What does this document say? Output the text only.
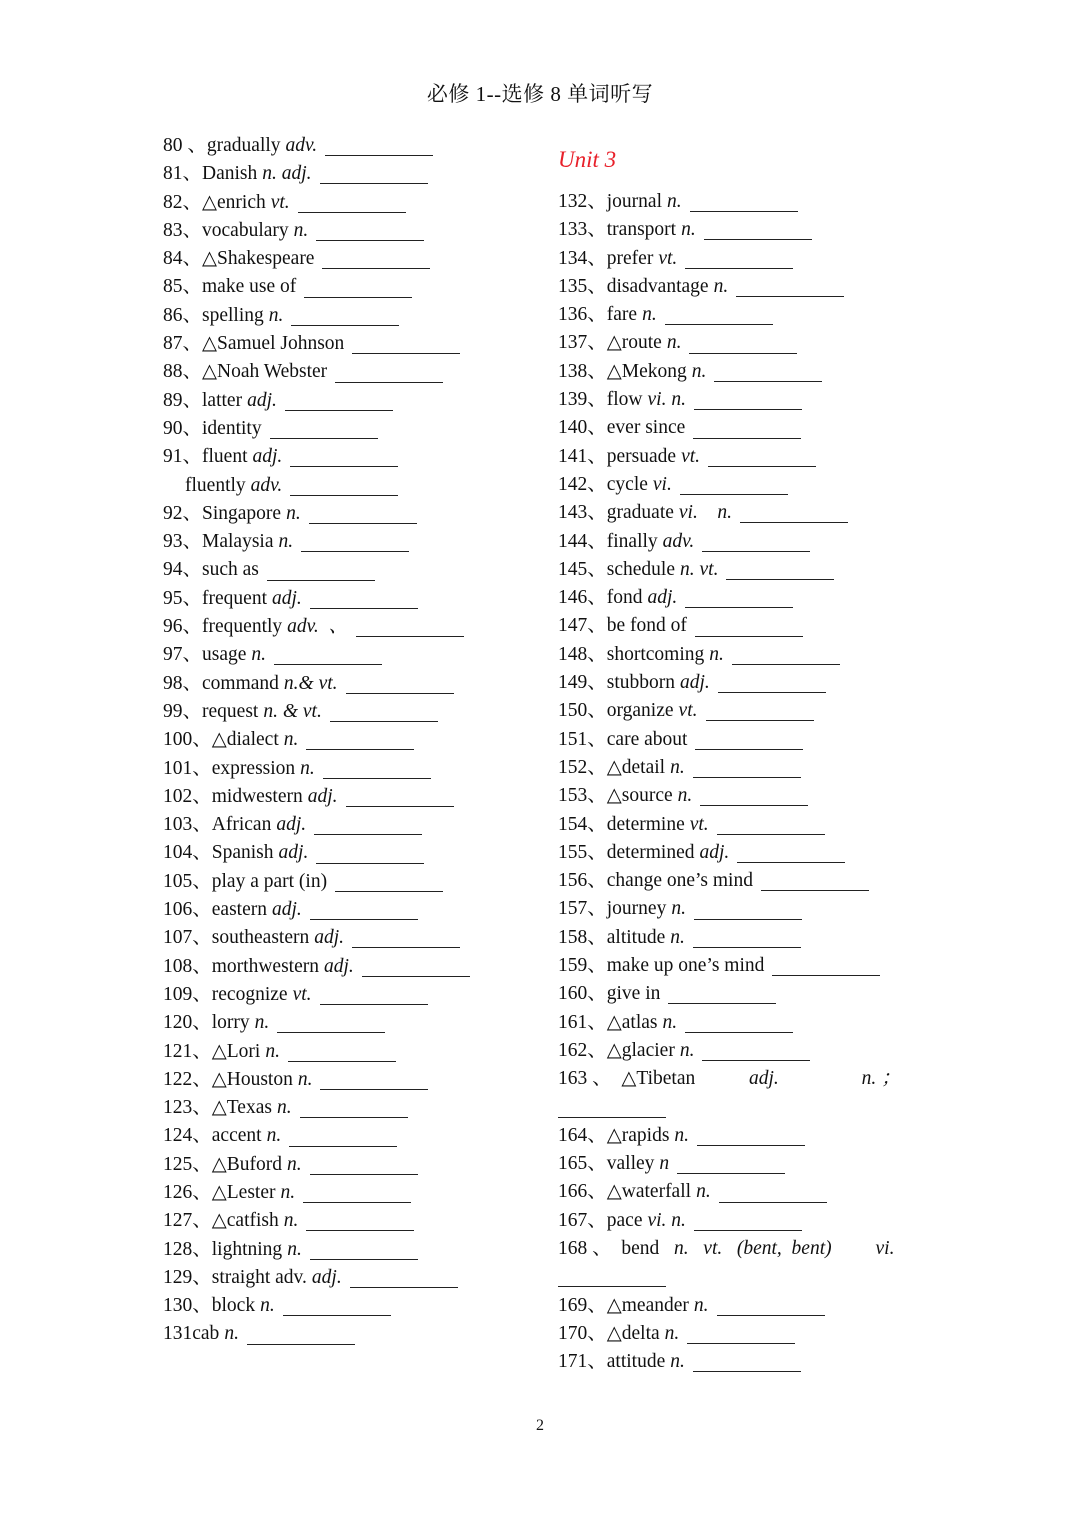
必修 1--选修 8 单词听写
80 、 gradually adv.
81、 Danish n. adj.
82、 △enrich vt.
83、 vocabulary n.
84、 △Shakespeare
85、 make use of
86、 spelling n.
87、 △Samuel Johnson
88、 △Noah Webster
89、 latter adj.
90、 identity
91、 fluent adj.
fluently adv.
92、 Singapore n.
93、 Malaysia n.
94、 such as
95、 frequent adj.
96、 frequently adv.  、
97、 usage n.
98、 command n.& vt.
99、 request n. & vt.
100、 △dialect n.
101、 expression n.
102、 midwestern adj.
103、 African adj.
104、 Spanish adj.
105、 play a part (in)
106、 eastern adj.
107、 southeastern adj.
108、 morthwestern adj.
109、 recognize vt.
120、 lorry n.
121、 △Lori n.
122、 △Houston n.
123、 △Texas n.
124、 accent n.
125、 △Buford n.
126、 △Lester n.
127、 △catfish n.
128、 lightning n.
129、 straight adv. adj.
130、 block n.
131 cab n.
Unit 3
132、 journal n.
133、 transport n.
134、 prefer vt.
135、 disadvantage n.
136、 fare n.
137、 △route n.
138、 △Mekong n.
139、 flow vi. n.
140、 ever since
141、 persuade vt.
142、 cycle vi.
143、 graduate vi.    n.
144、 finally adv.
145、 schedule n. vt.
146、 fond adj.
147、 be fond of
148、 shortcoming n.
149、 stubborn adj.
150、 organize vt.
151、 care about
152、 △detail n.
153、 △source n.
154、 determine vt.
155、 determined adj.
156、 change one’s mind
157、 journey n.
158、 altitude n.
159、 make up one’s mind
160、 give in
161、 △atlas n.
162、 △glacier n.
163 、 △Tibetan adj.                 n. ；
164、 △rapids n.
165、 valley n
166、 △waterfall n.
167、 pace vi. n.
168 、 bend n.   vt.   (bent,  bent)         vi.
169、 △meander n.
170、 △delta n.
171、 attitude n.
2
